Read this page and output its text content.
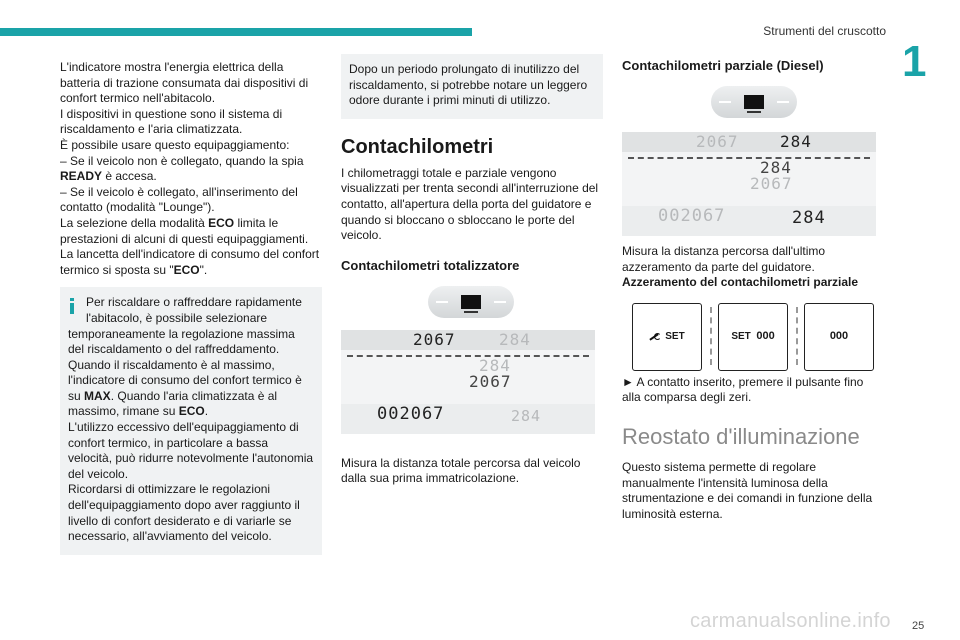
Strumenti del cruscotto
1

L'indicatore mostra l'energia elettrica della batteria di trazione consumata dai dispositivi di confort termico nell'abitacolo.

I dispositivi in questione sono il sistema di riscaldamento e l'aria climatizzata.

È possibile usare questo equipaggiamento:

– Se il veicolo non è collegato, quando la spia READY è accesa.

– Se il veicolo è collegato, all'inserimento del contatto (modalità "Lounge").

La selezione della modalità ECO limita le prestazioni di alcuni di questi equipaggiamenti.

La lancetta dell'indicatore di consumo del confort termico si sposta su "ECO".

Per riscaldare o raffreddare rapidamente l'abitacolo, è possibile selezionare temporaneamente la regolazione massima del riscaldamento o del raffreddamento.

Quando il riscaldamento è al massimo, l'indicatore di consumo del confort termico è su MAX. Quando l'aria climatizzata è al massimo, rimane su ECO.

L'utilizzo eccessivo dell'equipaggiamento di confort termico, in particolare a bassa velocità, può ridurre notevolmente l'autonomia del veicolo.

Ricordarsi di ottimizzare le regolazioni dell'equipaggiamento dopo aver raggiunto il livello di confort desiderato e di variarle se necessario, all'avviamento del veicolo.

Dopo un periodo prolungato di inutilizzo del riscaldamento, si potrebbe notare un leggero odore durante i primi minuti di utilizzo.

Contachilometri

I chilometraggi totale e parziale vengono visualizzati per trenta secondi all'interruzione del contatto, all'apertura della porta del guidatore e quando si bloccano o sbloccano le porte del veicolo.

Contachilometri totalizzatore
2067	284
284
2067
002067	284

Misura la distanza totale percorsa dal veicolo dalla sua prima immatricolazione.

Contachilometri parziale (Diesel)
2067	284
284
2067
002067	284

Misura la distanza percorsa dall'ultimo azzeramento da parte del guidatore.

Azzeramento del contachilometri parziale

SET	SET
000	000

► A contatto inserito, premere il pulsante fino alla comparsa degli zeri.

Reostato d'illuminazione

Questo sistema permette di regolare manualmente l'intensità luminosa della strumentazione e dei comandi in funzione della luminosità esterna.

carmanualsonline.info 25
